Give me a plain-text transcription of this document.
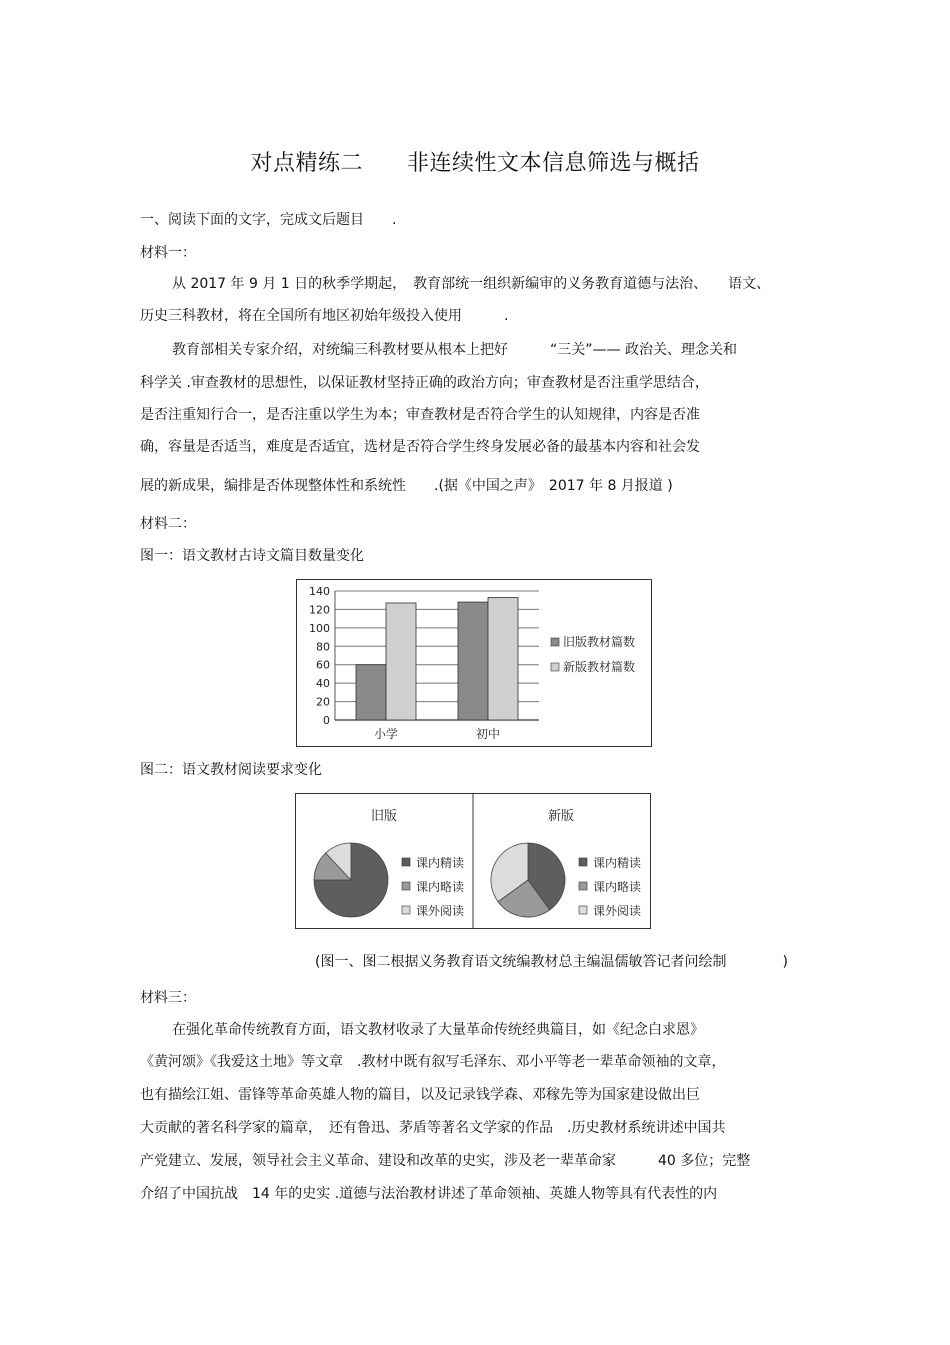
对点精练二 非连续性文本信息筛选与概括
一、阅读下面的文字，完成文后题目　　.
材料一：
从 2017 年 9 月 1 日的秋季学期起，　教育部统一组织新编审的义务教育道德与法治、　　语文、
历史三科教材，将在全国所有地区初始年级投入使用　　　.
教育部相关专家介绍，对统编三科教材要从根本上把好　　　“三关”—— 政治关、理念关和
科学关 .审查教材的思想性，以保证教材坚持正确的政治方向；审查教材是否注重学思结合，
是否注重知行合一，是否注重以学生为本；审查教材是否符合学生的认知规律，内容是否准
确，容量是否适当，难度是否适宜，选材是否符合学生终身发展必备的最基本内容和社会发
展的新成果，编排是否体现整体性和系统性　　.(据《中国之声》　2017 年 8 月报道 )
材料二：
图一：语文教材古诗文篇目数量变化
0
20
40
60
80
100
120
140
小学	初中
旧版教材篇数
新版教材篇数
图二：语文教材阅读要求变化
旧版
课内精读
课内略读
课外阅读
新版
课内精读
课内略读
课外阅读
(图一、图二根据义务教育语文统编教材总主编温儒敏答记者问绘制　　　　)
材料三：
在强化革命传统教育方面，语文教材收录了大量革命传统经典篇目，如《纪念白求恩》
《黄河颂》《我爱这土地》等文章　.教材中既有叙写毛泽东、邓小平等老一辈革命领袖的文章，
也有描绘江姐、雷锋等革命英雄人物的篇目，以及记录钱学森、邓稼先等为国家建设做出巨
大贡献的著名科学家的篇章，　还有鲁迅、茅盾等著名文学家的作品　.历史教材系统讲述中国共
产党建立、发展，领导社会主义革命、建设和改革的史实，涉及老一辈革命家　　　40 多位；完整
介绍了中国抗战　14 年的史实 .道德与法治教材讲述了革命领袖、英雄人物等具有代表性的内
